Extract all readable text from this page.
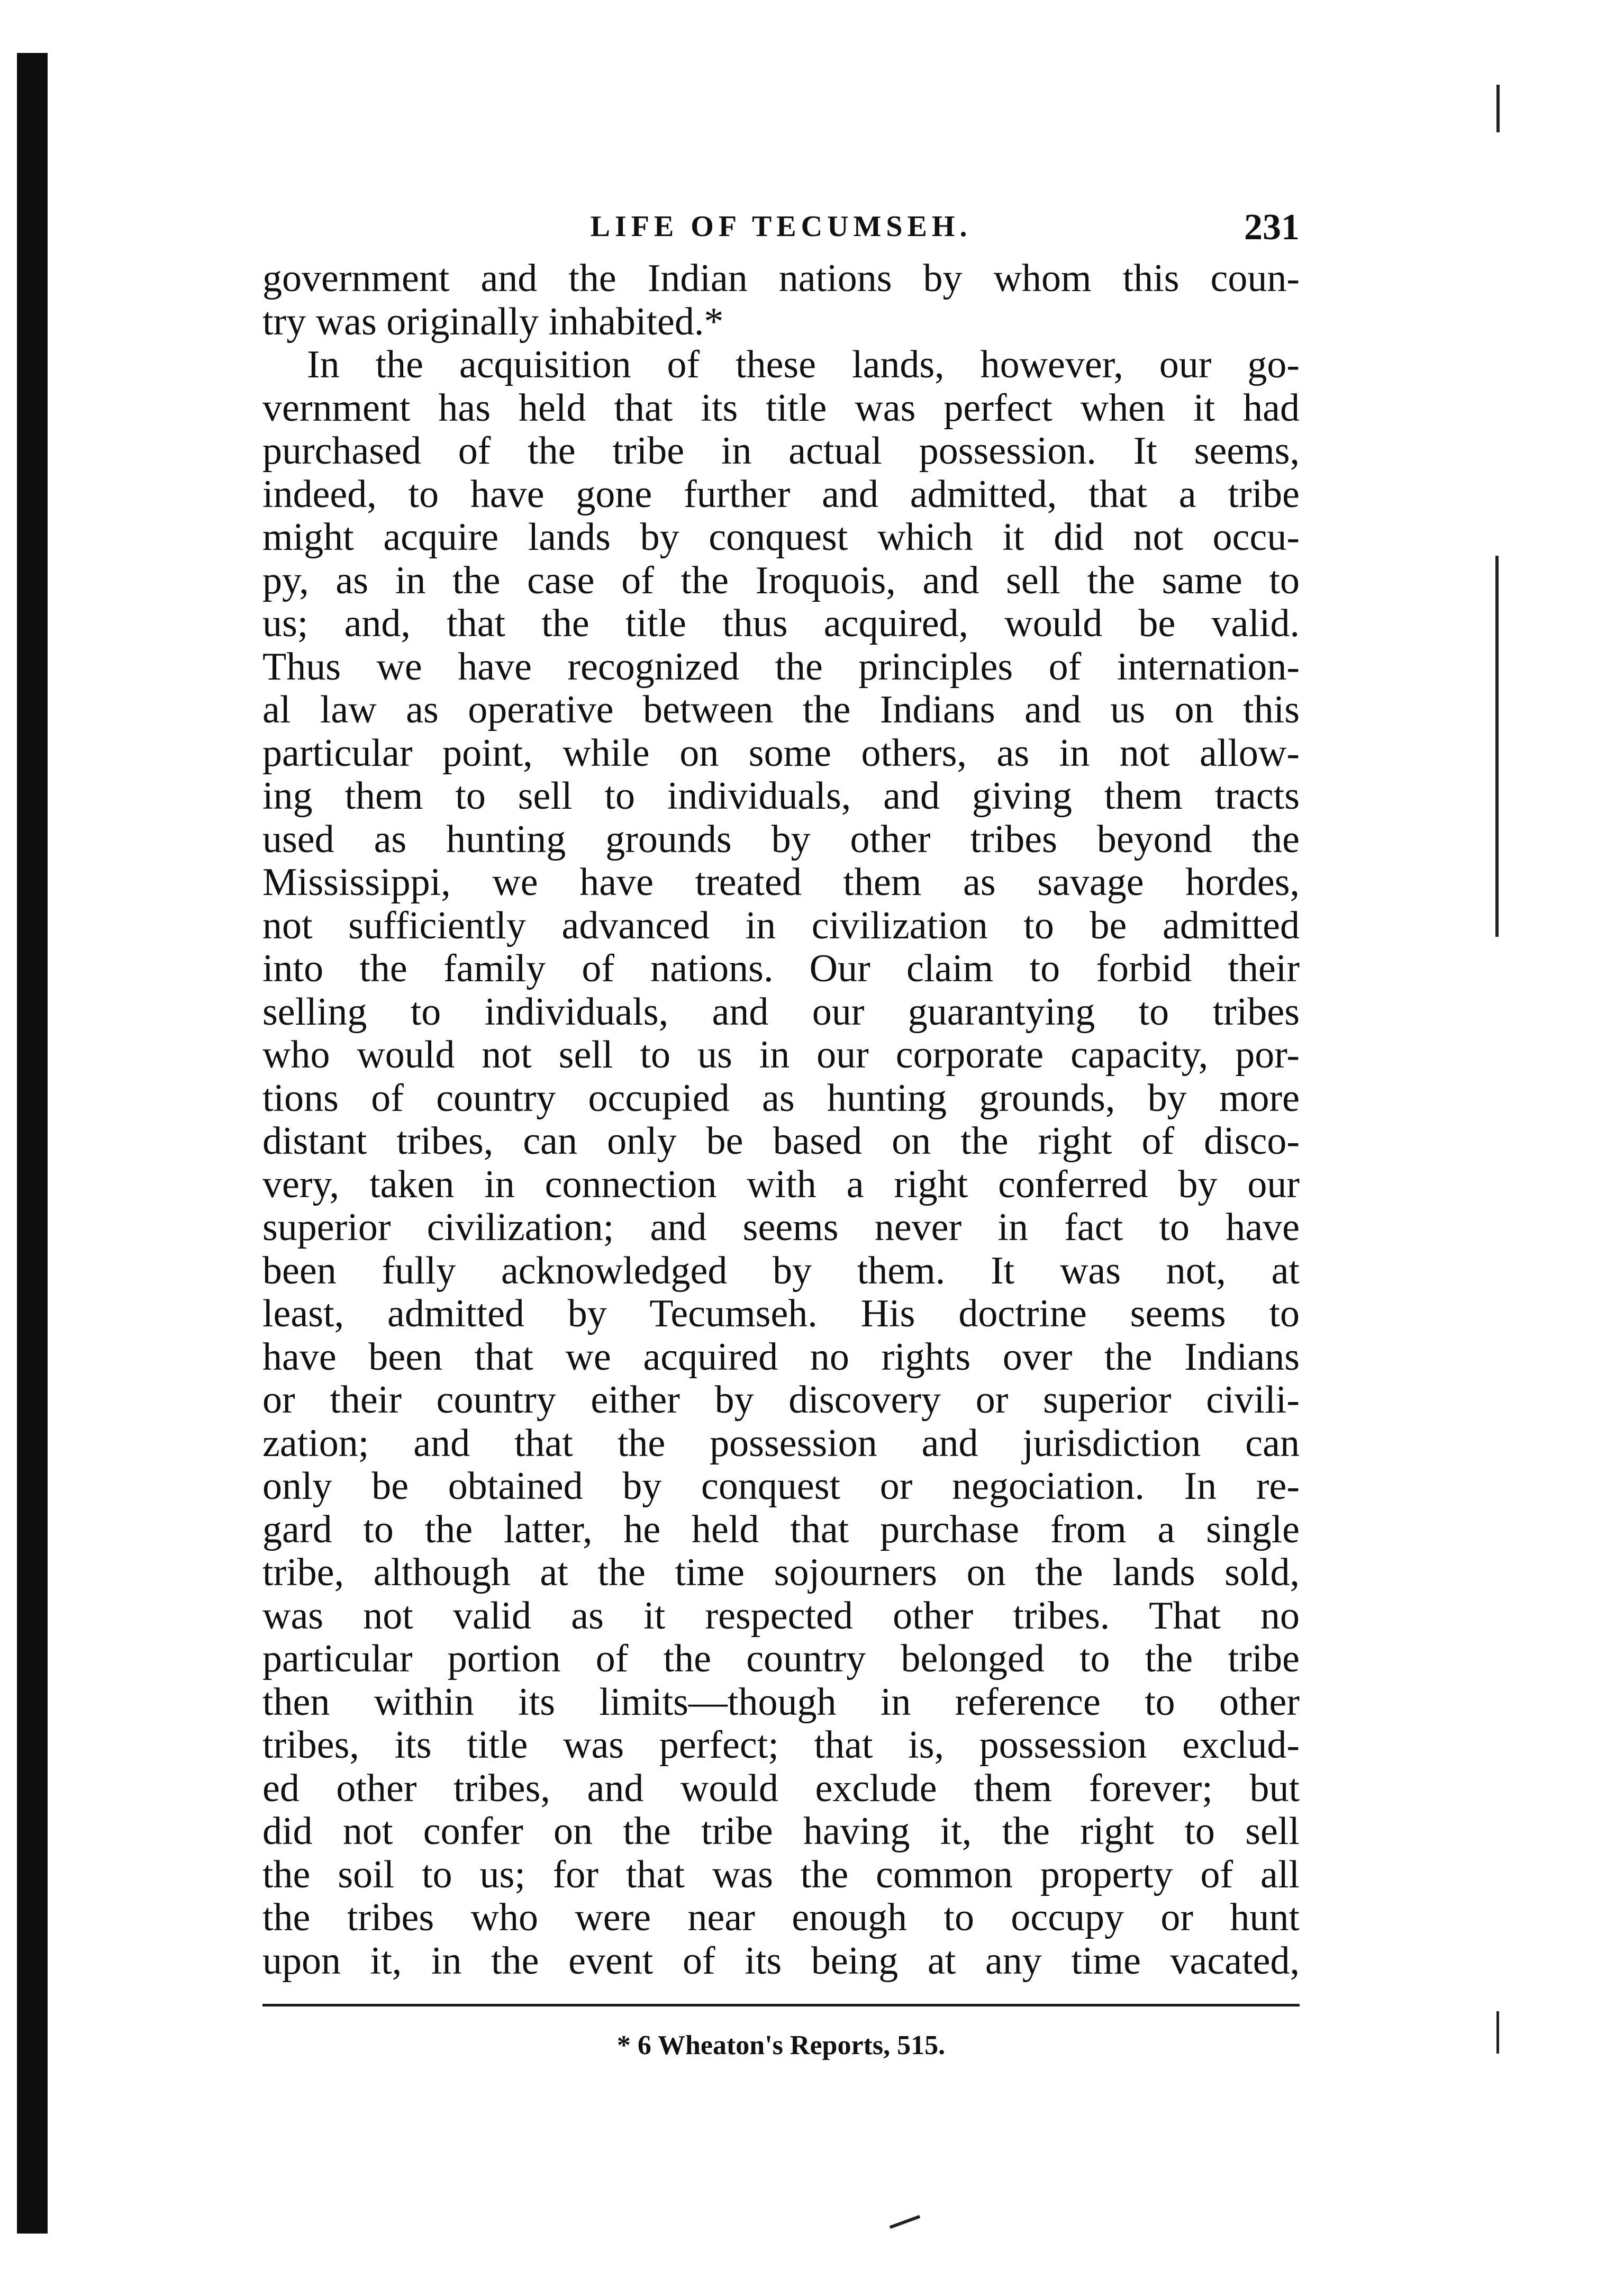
LIFE OF TECUMSEH.	231
government and the Indian nations by whom this coun-
try was originally inhabited.*
In the acquisition of these lands, however, our go-
vernment has held that its title was perfect when it had
purchased of the tribe in actual possession. It seems,
indeed, to have gone further and admitted, that a tribe
might acquire lands by conquest which it did not occu-
py, as in the case of the Iroquois, and sell the same to
us; and, that the title thus acquired, would be valid.
Thus we have recognized the principles of internation-
al law as operative between the Indians and us on this
particular point, while on some others, as in not allow-
ing them to sell to individuals, and giving them tracts
used as hunting grounds by other tribes beyond the
Mississippi, we have treated them as savage hordes,
not sufficiently advanced in civilization to be admitted
into the family of nations. Our claim to forbid their
selling to individuals, and our guarantying to tribes
who would not sell to us in our corporate capacity, por-
tions of country occupied as hunting grounds, by more
distant tribes, can only be based on the right of disco-
very, taken in connection with a right conferred by our
superior civilization; and seems never in fact to have
been fully acknowledged by them. It was not, at
least, admitted by Tecumseh. His doctrine seems to
have been that we acquired no rights over the Indians
or their country either by discovery or superior civili-
zation; and that the possession and jurisdiction can
only be obtained by conquest or negociation. In re-
gard to the latter, he held that purchase from a single
tribe, although at the time sojourners on the lands sold,
was not valid as it respected other tribes. That no
particular portion of the country belonged to the tribe
then within its limits—though in reference to other
tribes, its title was perfect; that is, possession exclud-
ed other tribes, and would exclude them forever; but
did not confer on the tribe having it, the right to sell
the soil to us; for that was the common property of all
the tribes who were near enough to occupy or hunt
upon it, in the event of its being at any time vacated,
* 6 Wheaton's Reports, 515.
